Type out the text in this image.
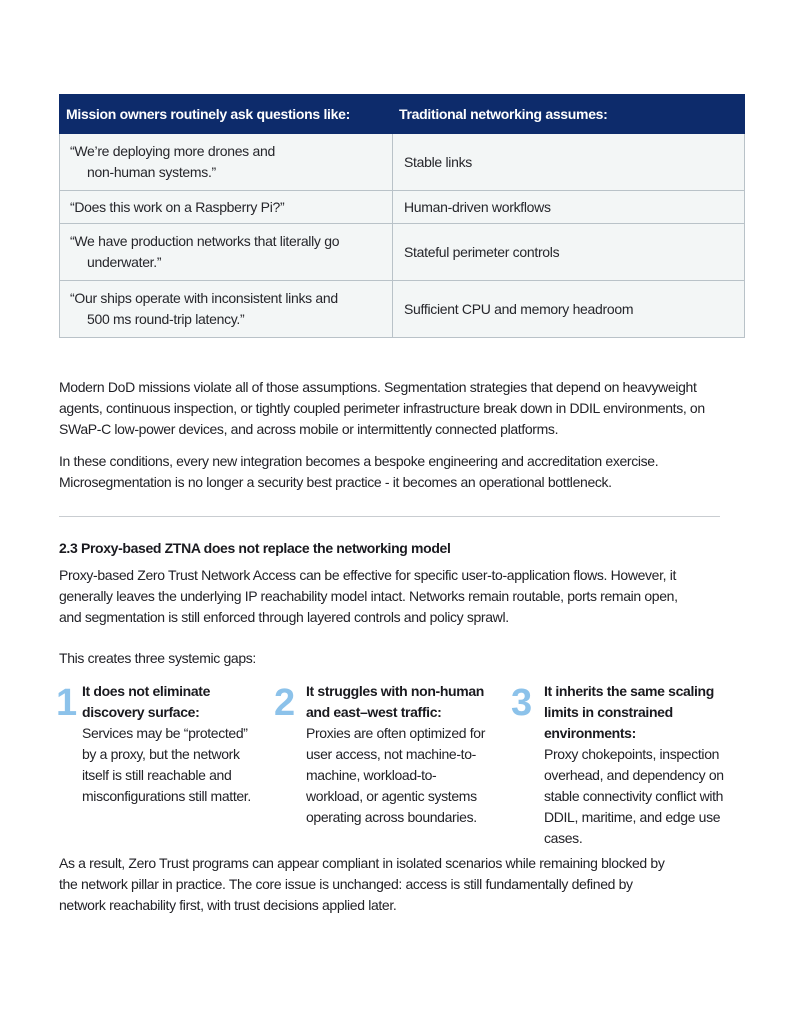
Mission owners routinely ask questions like:	Traditional networking assumes:

“We’re deploying more drones and
non-human systems.”	Stable links

“Does this work on a Raspberry Pi?”	Human-driven workflows

“We have production networks that literally go
underwater.”	Stateful perimeter controls

“Our ships operate with inconsistent links and
500 ms round-trip latency.”	Sufficient CPU and memory headroom

Modern DoD missions violate all of those assumptions. Segmentation strategies that depend on heavyweight agents, continuous inspection, or tightly coupled perimeter infrastructure break down in DDIL environments, on SWaP-C low-power devices, and across mobile or intermittently connected platforms.

In these conditions, every new integration becomes a bespoke engineering and accreditation exercise. Microsegmentation is no longer a security best practice - it becomes an operational bottleneck.

2.3 Proxy-based ZTNA does not replace the networking model

Proxy-based Zero Trust Network Access can be effective for specific user-to-application flows. However, it generally leaves the underlying IP reachability model intact. Networks remain routable, ports remain open, and segmentation is still enforced through layered controls and policy sprawl.

This creates three systemic gaps:

1 It does not eliminate discovery surface:
Services may be “protected” by a proxy, but the network itself is still reachable and misconfigurations still matter.
2 It struggles with non-human and east–west traffic:
Proxies are often optimized for user access, not machine-to-machine, workload-to-workload, or agentic systems operating across boundaries.
3 It inherits the same scaling limits in constrained environments:
Proxy chokepoints, inspection overhead, and dependency on stable connectivity conflict with DDIL, maritime, and edge use cases.

As a result, Zero Trust programs can appear compliant in isolated scenarios while remaining blocked by the network pillar in practice. The core issue is unchanged: access is still fundamentally defined by network reachability first, with trust decisions applied later.
